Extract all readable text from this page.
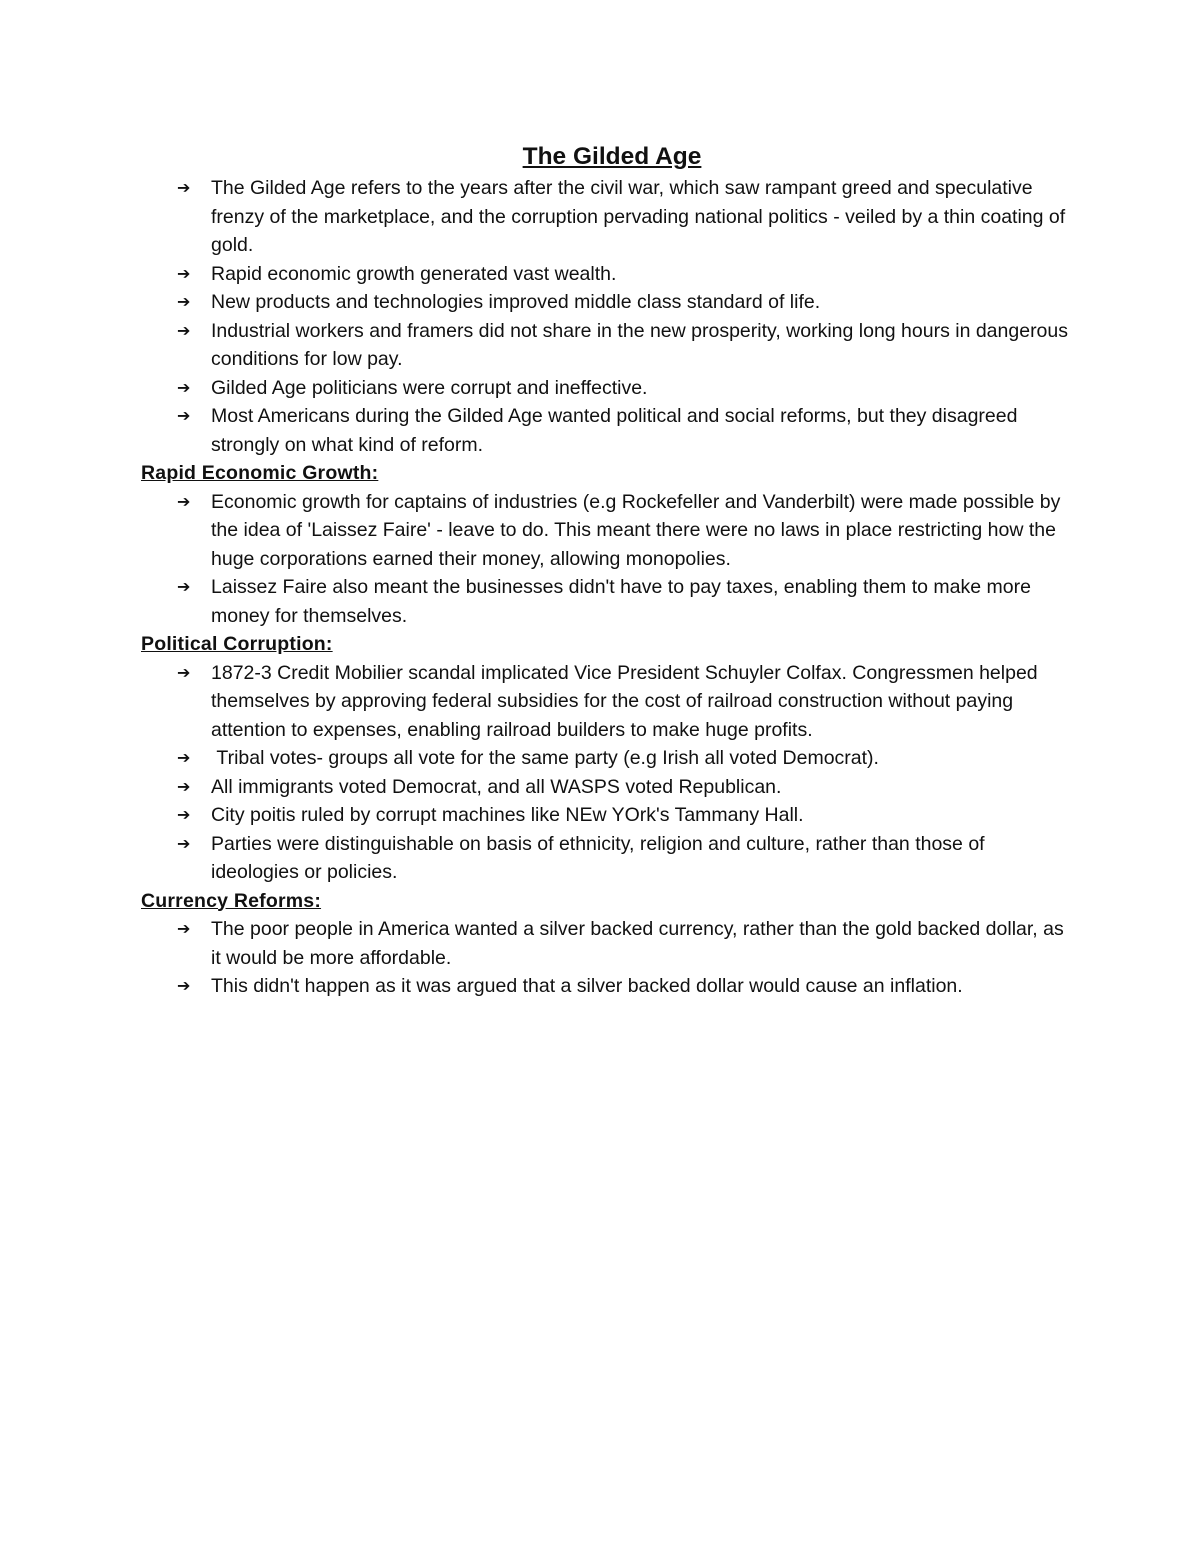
The Gilded Age
➔ The Gilded Age refers to the years after the civil war, which saw rampant greed and speculative frenzy of the marketplace, and the corruption pervading national politics - veiled by a thin coating of gold.
➔ Rapid economic growth generated vast wealth.
➔ New products and technologies improved middle class standard of life.
➔ Industrial workers and framers did not share in the new prosperity, working long hours in dangerous conditions for low pay.
➔ Gilded Age politicians were corrupt and ineffective.
➔ Most Americans during the Gilded Age wanted political and social reforms, but they disagreed strongly on what kind of reform.
Rapid Economic Growth:
➔ Economic growth for captains of industries (e.g Rockefeller and Vanderbilt) were made possible by the idea of 'Laissez Faire' - leave to do. This meant there were no laws in place restricting how the huge corporations earned their money, allowing monopolies.
➔ Laissez Faire also meant the businesses didn't have to pay taxes, enabling them to make more money for themselves.
Political Corruption:
➔ 1872-3 Credit Mobilier scandal implicated Vice President Schuyler Colfax. Congressmen helped themselves by approving federal subsidies for the cost of railroad construction without paying attention to expenses, enabling railroad builders to make huge profits.
➔ Tribal votes- groups all vote for the same party (e.g Irish all voted Democrat).
➔ All immigrants voted Democrat, and all WASPS voted Republican.
➔ City poitis ruled by corrupt machines like NEw YOrk's Tammany Hall.
➔ Parties were distinguishable on basis of ethnicity, religion and culture, rather than those of ideologies or policies.
Currency Reforms:
➔ The poor people in America wanted a silver backed currency, rather than the gold backed dollar, as it would be more affordable.
➔ This didn't happen as it was argued that a silver backed dollar would cause an inflation.
